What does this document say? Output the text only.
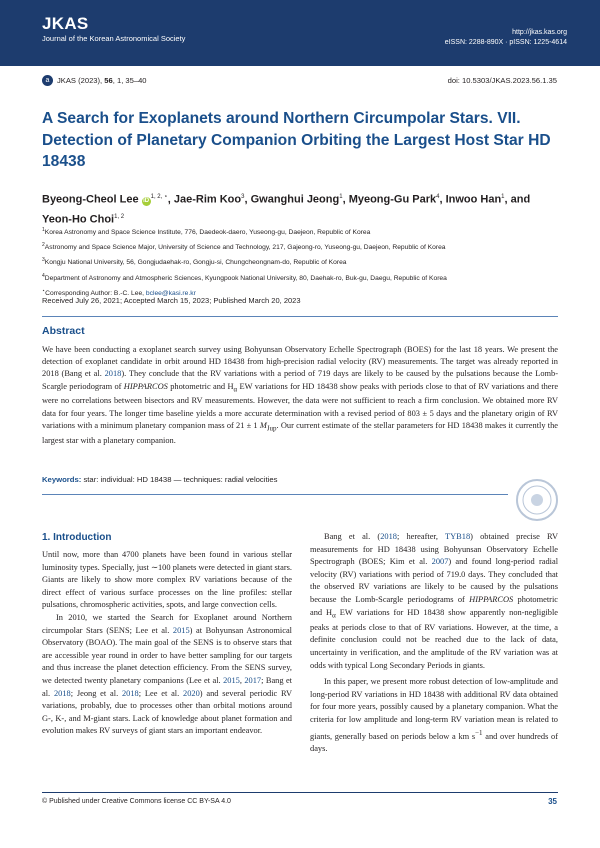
JKAS
Journal of the Korean Astronomical Society
http://jkas.kas.org
eISSN: 2288-890X · pISSN: 1225-4614
a JKAS (2023),
56 , 1, 35–40	doi: 10.5303/JKAS.2023.56.1.35
A Search for Exoplanets around Northern Circumpolar Stars. VII. Detection of Planetary Companion Orbiting the Largest Host Star HD 18438
Byeong-Cheol Lee $iD^{1, 2, ⋆}$, Jae-Rim Koo$^3$, Gwanghui Jeong$^1$, Myeong-Gu Park$^4$, Inwoo Han$^1$, and Yeon-Ho Choi$^{1, 2}$
$^1$Korea Astronomy and Space Science Institute, 776, Daedeok-daero, Yuseong-gu, Daejeon, Republic of Korea
$^2$Astronomy and Space Science Major, University of Science and Technology, 217, Gajeong-ro, Yuseong-gu, Daejeon, Republic of Korea
$^3$Kongju National University, 56, Gongjudaehak-ro, Gongju-si, Chungcheongnam-do, Republic of Korea
$^4$Department of Astronomy and Atmospheric Sciences, Kyungpook National University, 80, Daehak-ro, Buk-gu, Daegu, Republic of Korea
⋆Corresponding Author: B.-C. Lee, bclee@kasi.re.kr
Received July 26, 2021; Accepted March 15, 2023; Published March 20, 2023
Abstract
We have been conducting a exoplanet search survey using Bohyunsan Observatory Echelle Spectrograph (BOES) for the last 18 years. We present the detection of exoplanet candidate in orbit around HD 18438 from high-precision radial velocity (RV) measurements. The target was already reported in 2018 (Bang et al. 2018). They conclude that the RV variations with a period of 719 days are likely to be caused by the pulsations because the Lomb-Scargle periodogram of HIPPARCOS photometric and $H_\alpha$ EW variations for HD 18438 show peaks with periods close to that of RV variations and there were no correlations between bisectors and RV measurements. However, the data were not sufficient to reach a firm conclusion. We obtained more RV data for four years. The longer time baseline yields a more accurate determination with a revised period of 803 ± 5 days and the planetary origin of RV variations with a minimum planetary companion mass of 21 ± 1 $M_{Jup}$. Our current estimate of the stellar parameters for HD 18438 makes it currently the largest star with a planetary companion.
Keywords: star: individual: HD 18438 — techniques: radial velocities
1. Introduction

Until now, more than 4700 planets have been found in various stellar luminosity types. Specially, just ∼100 planets were detected in giant stars. Giants are likely to show more complex RV variations because of the direct effect of various surface processes on the line profiles: stellar pulsations, chromospheric activities, spots, and large convection cells.

In 2010, we started the Search for Exoplanet around Northern circumpolar Stars (SENS; Lee et al. 2015) at Bohyunsan Astronomical Observatory (BOAO). The main goal of the SENS is to observe stars that are accessible year round in order to have better sampling for our targets and thus increase the planet detection efficiency. From the SENS survey, we detected twenty planetary companions (Lee et al. 2015, 2017; Bang et al. 2018; Jeong et al. 2018; Lee et al. 2020) and several periodic RV variations, probably, due to processes other than orbital motions around G-, K-, and M-giant stars. Lack of knowledge about planet formation and evolution makes RV surveys of giant stars an important endeavor.

Bang et al. (2018; hereafter, TYB18) obtained precise RV measurements for HD 18438 using Bohyunsan Observatory Echelle Spectrograph (BOES; Kim et al. 2007) and found long-period radial velocity (RV) variations with period of 719.0 days. They concluded that the observed RV variations are likely to be caused by the pulsations because the Lomb-Scargle periodograms of HIPPARCOS photometric and $H_\alpha$ EW variations for HD 18438 show apparently non-negligible peaks at periods close to that of RV variations. However, at the time, a definite conclusion could not be reached due to the lack of data, uncertainty in verification, and the amplitude of the RV variation was at odds with typical Long Secondary Periods in giants.

In this paper, we present more robust detection of low-amplitude and long-period RV variations in HD 18438 with additional RV data obtained for four more years, possibly caused by a planetary companion. What the criteria for low amplitude and long-term RV variation mean is related to giants, generally based on periods below a km $s^{-1}$ and over hundreds of days.

© Published under Creative Commons license CC BY-SA 4.0	35
